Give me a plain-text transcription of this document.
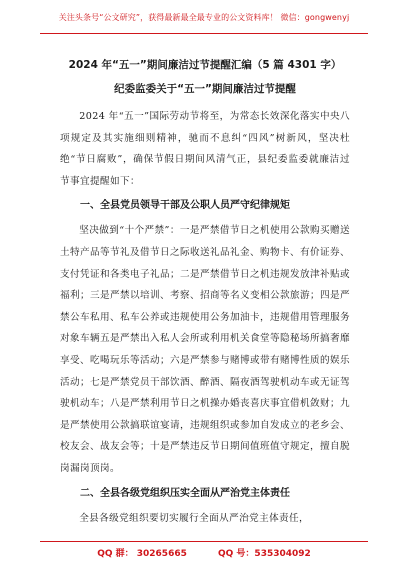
关注头条号“公文研究”，获得最新最全最专业的公文资料库！ 微信：gongwenyj
2024 年“五一”期间廉洁过节提醒汇编（5 篇 4301 字）
纪委监委关于“五一”期间廉洁过节提醒

2024 年“五一”国际劳动节将至，为常态长效深化落实中央八项规定及其实施细则精神，驰而不息纠“四风”树新风，坚决杜绝“节日腐败”，确保节假日期间风清气正，县纪委监委就廉洁过节事宜提醒如下：

一、全县党员领导干部及公职人员严守纪律规矩

坚决做到“十个严禁”：一是严禁借节日之机使用公款购买赠送土特产品等节礼及借节日之际收送礼品礼金、购物卡、有价证券、支付凭证和各类电子礼品；二是严禁借节日之机违规发放津补贴或福利；三是严禁以培训、考察、招商等名义变相公款旅游；四是严禁公车私用、私车公养或违规使用公务加油卡，违规借用管理服务对象车辆五是严禁出入私人会所或利用机关食堂等隐秘场所搞奢靡享受、吃喝玩乐等活动；六是严禁参与赌博或带有赌博性质的娱乐活动；七是严禁党员干部饮酒、醉酒、隔夜酒驾驶机动车或无证驾驶机动车；八是严禁利用节日之机操办婚丧喜庆事宜借机敛财；九是严禁使用公款搞联谊宴请，违规组织或参加自发成立的老乡会、校友会、战友会等；十是严禁违反节日期间值班值守规定，擅自脱岗漏岗顶岗。

二、全县各级党组织压实全面从严治党主体责任

全县各级党组织要切实履行全面从严治党主体责任，

QQ 群： 30265665	QQ 号：535304092
